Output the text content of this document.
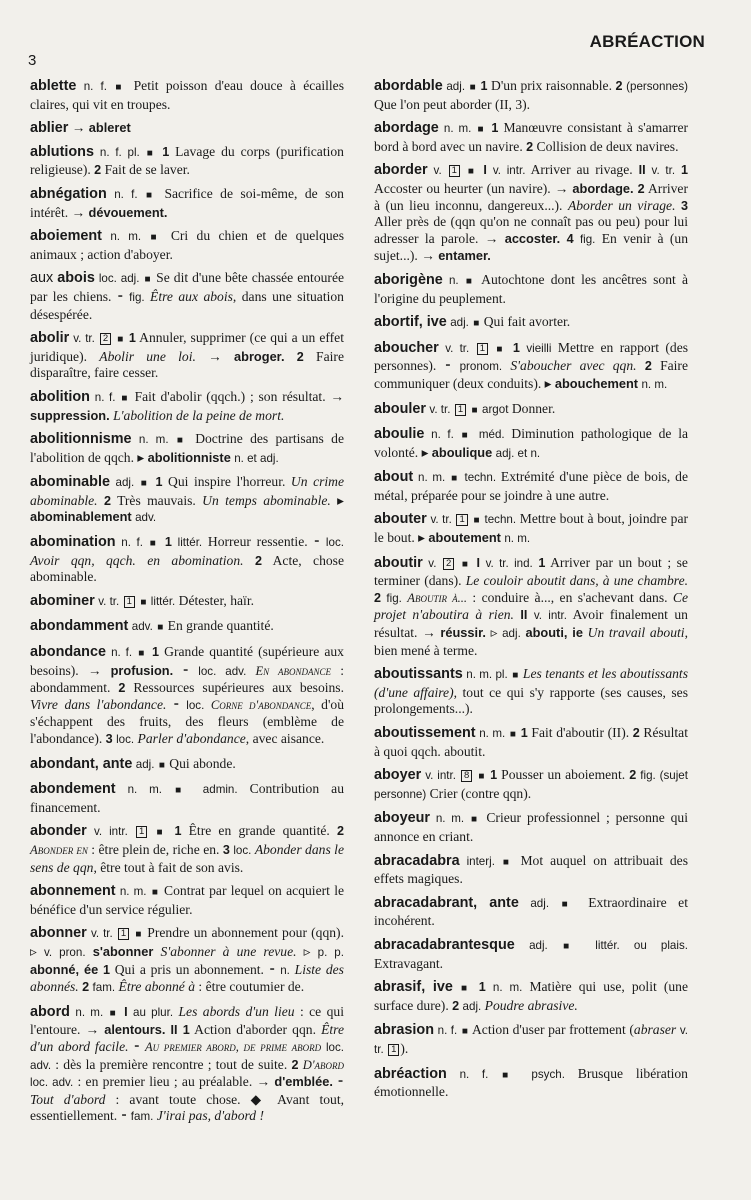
3
ABRÉACTION

ablette n. f. ■ Petit poisson d'eau douce à écailles claires, qui vit en troupes.

ablier → ableret

ablutions n. f. pl. ■ 1 Lavage du corps (purification religieuse). 2 Fait de se laver.

abnégation n. f. ■ Sacrifice de soi-même, de son intérêt. → dévouement.

aboiement n. m. ■ Cri du chien et de quelques animaux ; action d'aboyer.

aux abois loc. adj. ■ Se dit d'une bête chassée entourée par les chiens. ⁃ fig. Être aux abois, dans une situation désespérée.

abolir v. tr. 2 ■ 1 Annuler, supprimer (ce qui a un effet juridique). Abolir une loi. → abroger. 2 Faire disparaître, faire cesser.

abolition n. f. ■ Fait d'abolir (qqch.) ; son résultat. → suppression. L'abolition de la peine de mort.

abolitionnisme n. m. ■ Doctrine des partisans de l'abolition de qqch. ▸ abolitionniste n. et adj.

abominable adj. ■ 1 Qui inspire l'horreur. Un crime abominable. 2 Très mauvais. Un temps abominable. ▸ abominablement adv.

abomination n. f. ■ 1 littér. Horreur ressentie. ⁃ loc. Avoir qqn, qqch. en abomination. 2 Acte, chose abominable.

abominer v. tr. 1 ■ littér. Détester, haïr.

abondamment adv. ■ En grande quantité.

abondance n. f. ■ 1 Grande quantité (supérieure aux besoins). → profusion. ⁃ loc. adv. En abondance : abondamment. 2 Ressources supérieures aux besoins. Vivre dans l'abondance. ⁃ loc. Corne d'abondance, d'où s'échappent des fruits, des fleurs (emblème de l'abondance). 3 loc. Parler d'abondance, avec aisance.

abondant, ante adj. ■ Qui abonde.

abondement n. m. ■ admin. Contribution au financement.

abonder v. intr. 1 ■ 1 Être en grande quantité. 2 Abonder en : être plein de, riche en. 3 loc. Abonder dans le sens de qqn, être tout à fait de son avis.

abonnement n. m. ■ Contrat par lequel on acquiert le bénéfice d'un service régulier.

abonner v. tr. 1 ■ Prendre un abonnement pour (qqn). ▹ v. pron. s'abonner S'abonner à une revue. ▹ p. p. abonné, ée 1 Qui a pris un abonnement. ⁃ n. Liste des abonnés. 2 fam. Être abonné à : être coutumier de.

abord n. m. ■ I au plur. Les abords d'un lieu : ce qui l'entoure. → alentours. II 1 Action d'aborder qqn. Être d'un abord facile. ⁃ Au premier abord, de prime abord loc. adv. : dès la première rencontre ; tout de suite. 2 D'abord loc. adv. : en premier lieu ; au préalable. → d'emblée. ⁃ Tout d'abord : avant toute chose. ◆ Avant tout, essentiellement. ⁃ fam. J'irai pas, d'abord !

abordable adj. ■ 1 D'un prix raisonnable. 2 (personnes) Que l'on peut aborder (II, 3).

abordage n. m. ■ 1 Manœuvre consistant à s'amarrer bord à bord avec un navire. 2 Collision de deux navires.

aborder v. 1 ■ I v. intr. Arriver au rivage. II v. tr. 1 Accoster ou heurter (un navire). → abordage. 2 Arriver à (un lieu inconnu, dangereux...). Aborder un virage. 3 Aller près de (qqn qu'on ne connaît pas ou peu) pour lui adresser la parole. → accoster. 4 fig. En venir à (un sujet...). → entamer.

aborigène n. ■ Autochtone dont les ancêtres sont à l'origine du peuplement.

abortif, ive adj. ■ Qui fait avorter.

aboucher v. tr. 1 ■ 1 vieilli Mettre en rapport (des personnes). ⁃ pronom. S'aboucher avec qqn. 2 Faire communiquer (deux conduits). ▸ abouchement n. m.

abouler v. tr. 1 ■ argot Donner.

aboulie n. f. ■ méd. Diminution pathologique de la volonté. ▸ aboulique adj. et n.

about n. m. ■ techn. Extrémité d'une pièce de bois, de métal, préparée pour se joindre à une autre.

abouter v. tr. 1 ■ techn. Mettre bout à bout, joindre par le bout. ▸ aboutement n. m.

aboutir v. 2 ■ I v. tr. ind. 1 Arriver par un bout ; se terminer (dans). Le couloir aboutit dans, à une chambre. 2 fig. Aboutir à... : conduire à..., en s'achevant dans. Ce projet n'aboutira à rien. II v. intr. Avoir finalement un résultat. → réussir. ▹ adj. abouti, ie Un travail abouti, bien mené à terme.

aboutissants n. m. pl. ■ Les tenants et les aboutissants (d'une affaire), tout ce qui s'y rapporte (ses causes, ses prolongements...).

aboutissement n. m. ■ 1 Fait d'aboutir (II). 2 Résultat à quoi qqch. aboutit.

aboyer v. intr. 8 ■ 1 Pousser un aboiement. 2 fig. (sujet personne) Crier (contre qqn).

aboyeur n. m. ■ Crieur professionnel ; personne qui annonce en criant.

abracadabra interj. ■ Mot auquel on attribuait des effets magiques.

abracadabrant, ante adj. ■ Extraordinaire et incohérent.

abracadabrantesque adj. ■ littér. ou plais. Extravagant.

abrasif, ive ■ 1 n. m. Matière qui use, polit (une surface dure). 2 adj. Poudre abrasive.

abrasion n. f. ■ Action d'user par frottement (abraser v. tr. 1 ).

abréaction n. f. ■ psych. Brusque libération émotionnelle.
